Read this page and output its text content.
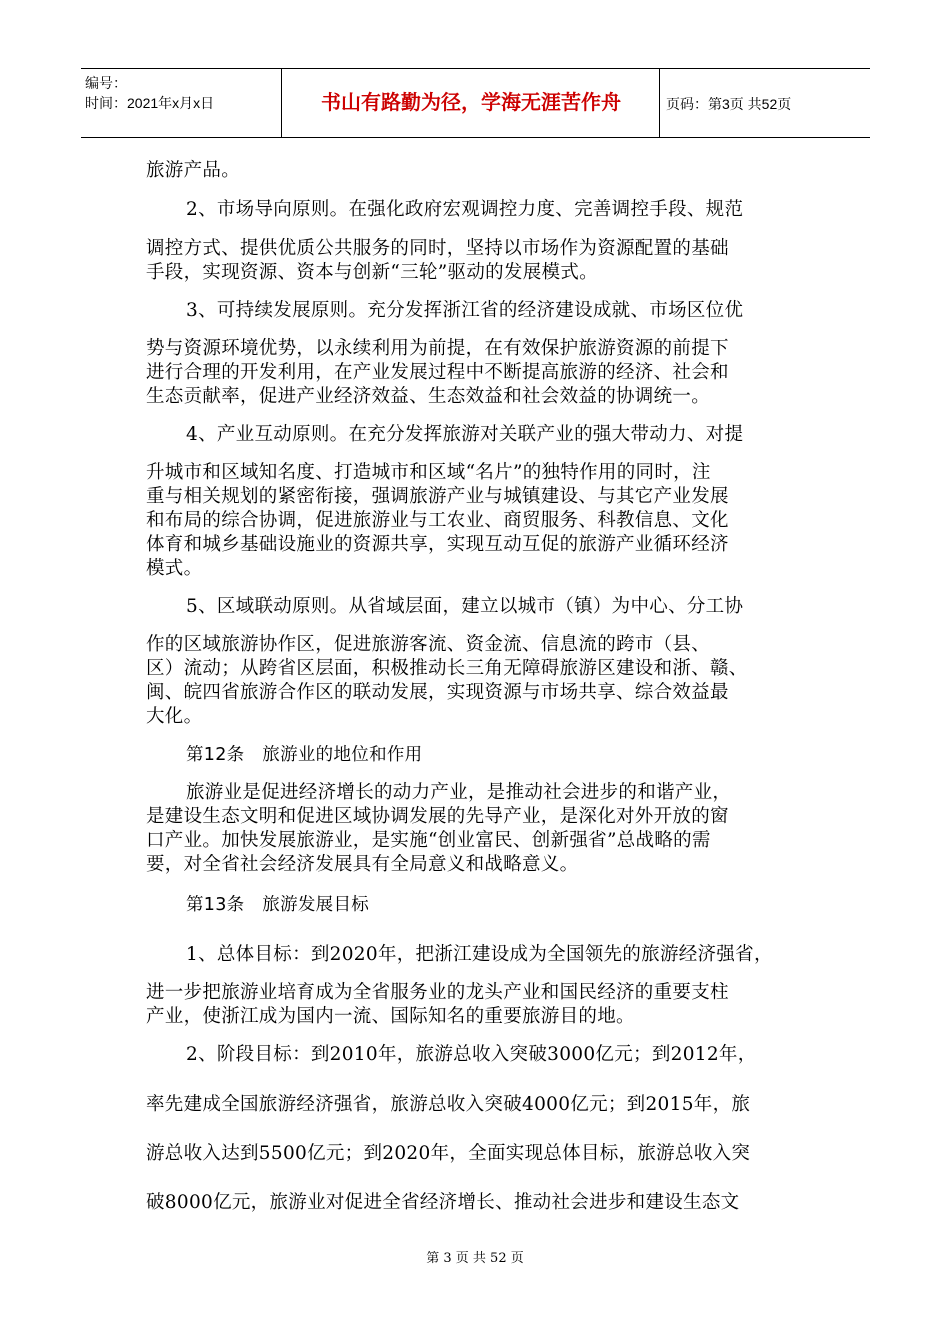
编号：
时间：2021年x月x日	书山有路勤为径，学海无涯苦作舟	页码：第3页 共52页
旅游产品。
2、市场导向原则。在强化政府宏观调控力度、完善调控手段、规范
调控方式、提供优质公共服务的同时，坚持以市场作为资源配置的基础
手段，实现资源、资本与创新“三轮”驱动的发展模式。
3、可持续发展原则。充分发挥浙江省的经济建设成就、市场区位优
势与资源环境优势，以永续利用为前提，在有效保护旅游资源的前提下
进行合理的开发利用，在产业发展过程中不断提高旅游的经济、社会和
生态贡献率，促进产业经济效益、生态效益和社会效益的协调统一。
4、产业互动原则。在充分发挥旅游对关联产业的强大带动力、对提
升城市和区域知名度、打造城市和区域“名片”的独特作用的同时，注
重与相关规划的紧密衔接，强调旅游产业与城镇建设、与其它产业发展
和布局的综合协调，促进旅游业与工农业、商贸服务、科教信息、文化
体育和城乡基础设施业的资源共享，实现互动互促的旅游产业循环经济
模式。
5、区域联动原则。从省域层面，建立以城市（镇）为中心、分工协
作的区域旅游协作区，促进旅游客流、资金流、信息流的跨市（县、
区）流动；从跨省区层面，积极推动长三角无障碍旅游区建设和浙、赣、
闽、皖四省旅游合作区的联动发展，实现资源与市场共享、综合效益最
大化。
第12条　旅游业的地位和作用
旅游业是促进经济增长的动力产业，是推动社会进步的和谐产业，
是建设生态文明和促进区域协调发展的先导产业，是深化对外开放的窗
口产业。加快发展旅游业，是实施“创业富民、创新强省”总战略的需
要，对全省社会经济发展具有全局意义和战略意义。
第13条　旅游发展目标
1、总体目标：到2020年，把浙江建设成为全国领先的旅游经济强省，
进一步把旅游业培育成为全省服务业的龙头产业和国民经济的重要支柱
产业，使浙江成为国内一流、国际知名的重要旅游目的地。
2、阶段目标：到2010年，旅游总收入突破3000亿元；到2012年，
率先建成全国旅游经济强省，旅游总收入突破4000亿元；到2015年，旅
游总收入达到5500亿元；到2020年，全面实现总体目标，旅游总收入突
破8000亿元，旅游业对促进全省经济增长、推动社会进步和建设生态文
第 3 页 共 52 页
